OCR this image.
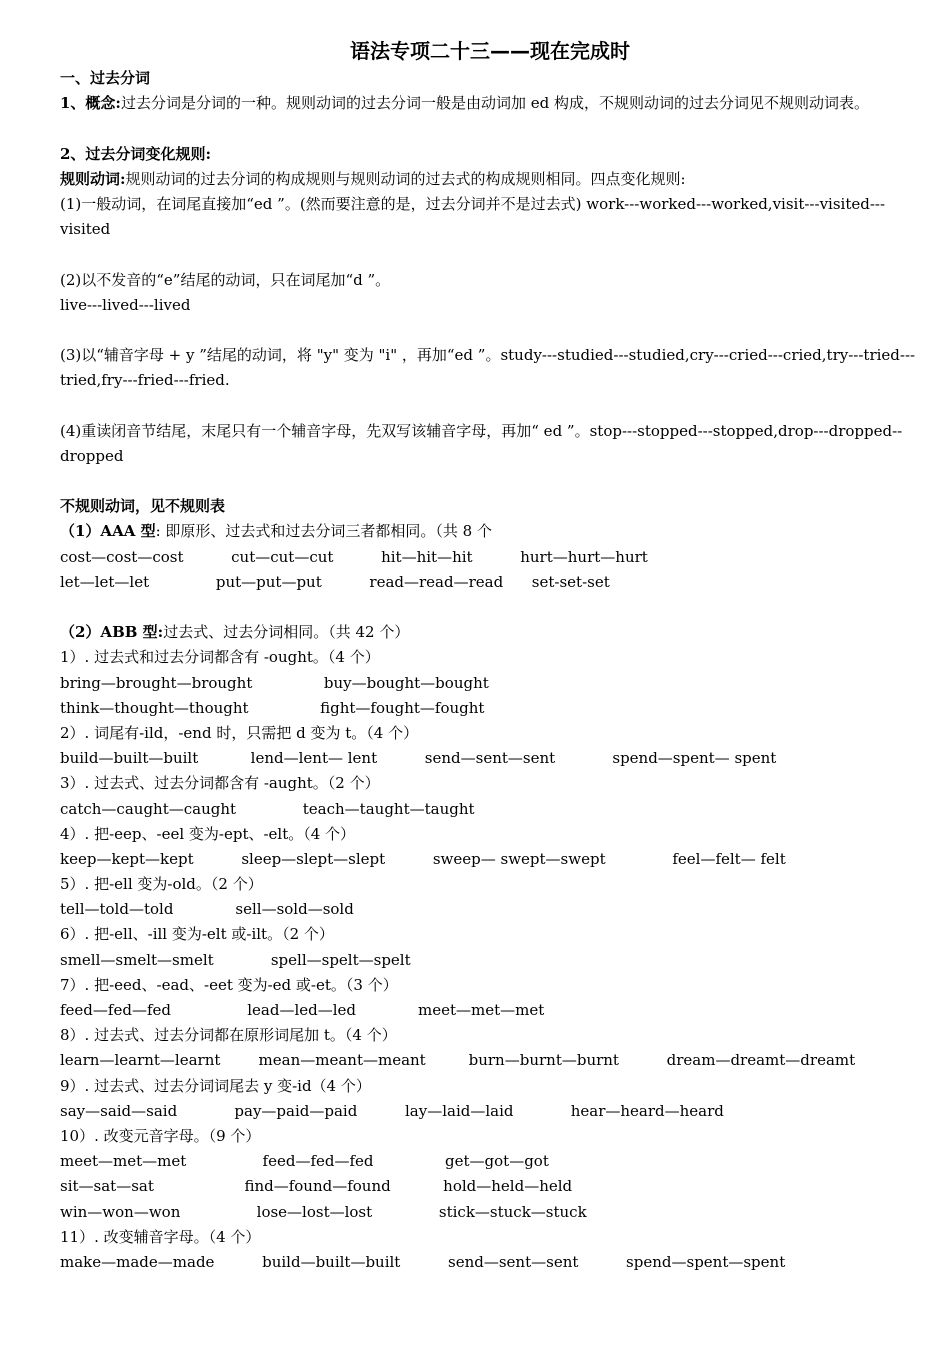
语法专项二十三——现在完成时
一、过去分词
1、概念:过去分词是分词的一种。规则动词的过去分词一般是由动词加 ed 构成，不规则动词的过去分词见不规则动词表。
2、过去分词变化规则:
规则动词:规则动词的过去分词的构成规则与规则动词的过去式的构成规则相同。四点变化规则:
(1)一般动词，在词尾直接加“ed ”。(然而要注意的是，过去分词并不是过去式) work---worked---worked,visit---visited---visited
(2)以不发音的“e”结尾的动词，只在词尾加“d ”。
live---lived---lived
(3)以“辅音字母 + y ”结尾的动词，将 "y" 变为 "i" ，再加“ed ”。study---studied---studied,cry---cried---cried,try---tried---tried,fry---fried---fried.
(4)重读闭音节结尾，末尾只有一个辅音字母，先双写该辅音字母，再加“ ed ”。stop---stopped---stopped,drop---dropped--dropped
不规则动词，见不规则表
（1）AAA 型: 即原形、过去式和过去分词三者都相同。（共 8 个
cost—cost—cost          cut—cut—cut          hit—hit—hit          hurt—hurt—hurt
let—let—let              put—put—put          read—read—read      set-set-set
（2）ABB 型:过去式、过去分词相同。（共 42 个）
1）. 过去式和过去分词都含有 -ought。（4 个）
bring—brought—brought               buy—bought—bought
think—thought—thought               fight—fought—fought
2）. 词尾有-ild，-end 时，只需把 d 变为 t。（4 个）
build—built—built           lend—lent— lent          send—sent—sent            spend—spent— spent
3）. 过去式、过去分词都含有 -aught。（2 个）
catch—caught—caught              teach—taught—taught
4）. 把-eep、-eel 变为-ept、-elt。（4 个）
keep—kept—kept          sleep—slept—slept          sweep— swept—swept              feel—felt— felt
5）. 把-ell 变为-old。（2 个）
tell—told—told             sell—sold—sold
6）. 把-ell、-ill 变为-elt 或-ilt。（2 个）
smell—smelt—smelt            spell—spelt—spelt
7）. 把-eed、-ead、-eet 变为-ed 或-et。（3 个）
feed—fed—fed                lead—led—led             meet—met—met
8）. 过去式、过去分词都在原形词尾加 t。（4 个）
learn—learnt—learnt        mean—meant—meant         burn—burnt—burnt          dream—dreamt—dreamt
9）. 过去式、过去分词词尾去 y 变-id（4 个）
say—said—said            pay—paid—paid          lay—laid—laid            hear—heard—heard
10）. 改变元音字母。（9 个）
meet—met—met                feed—fed—fed               get—got—got
sit—sat—sat                   find—found—found           hold—held—held
win—won—won                lose—lost—lost              stick—stuck—stuck
11）. 改变辅音字母。（4 个）
make—made—made          build—built—built          send—sent—sent          spend—spent—spent
